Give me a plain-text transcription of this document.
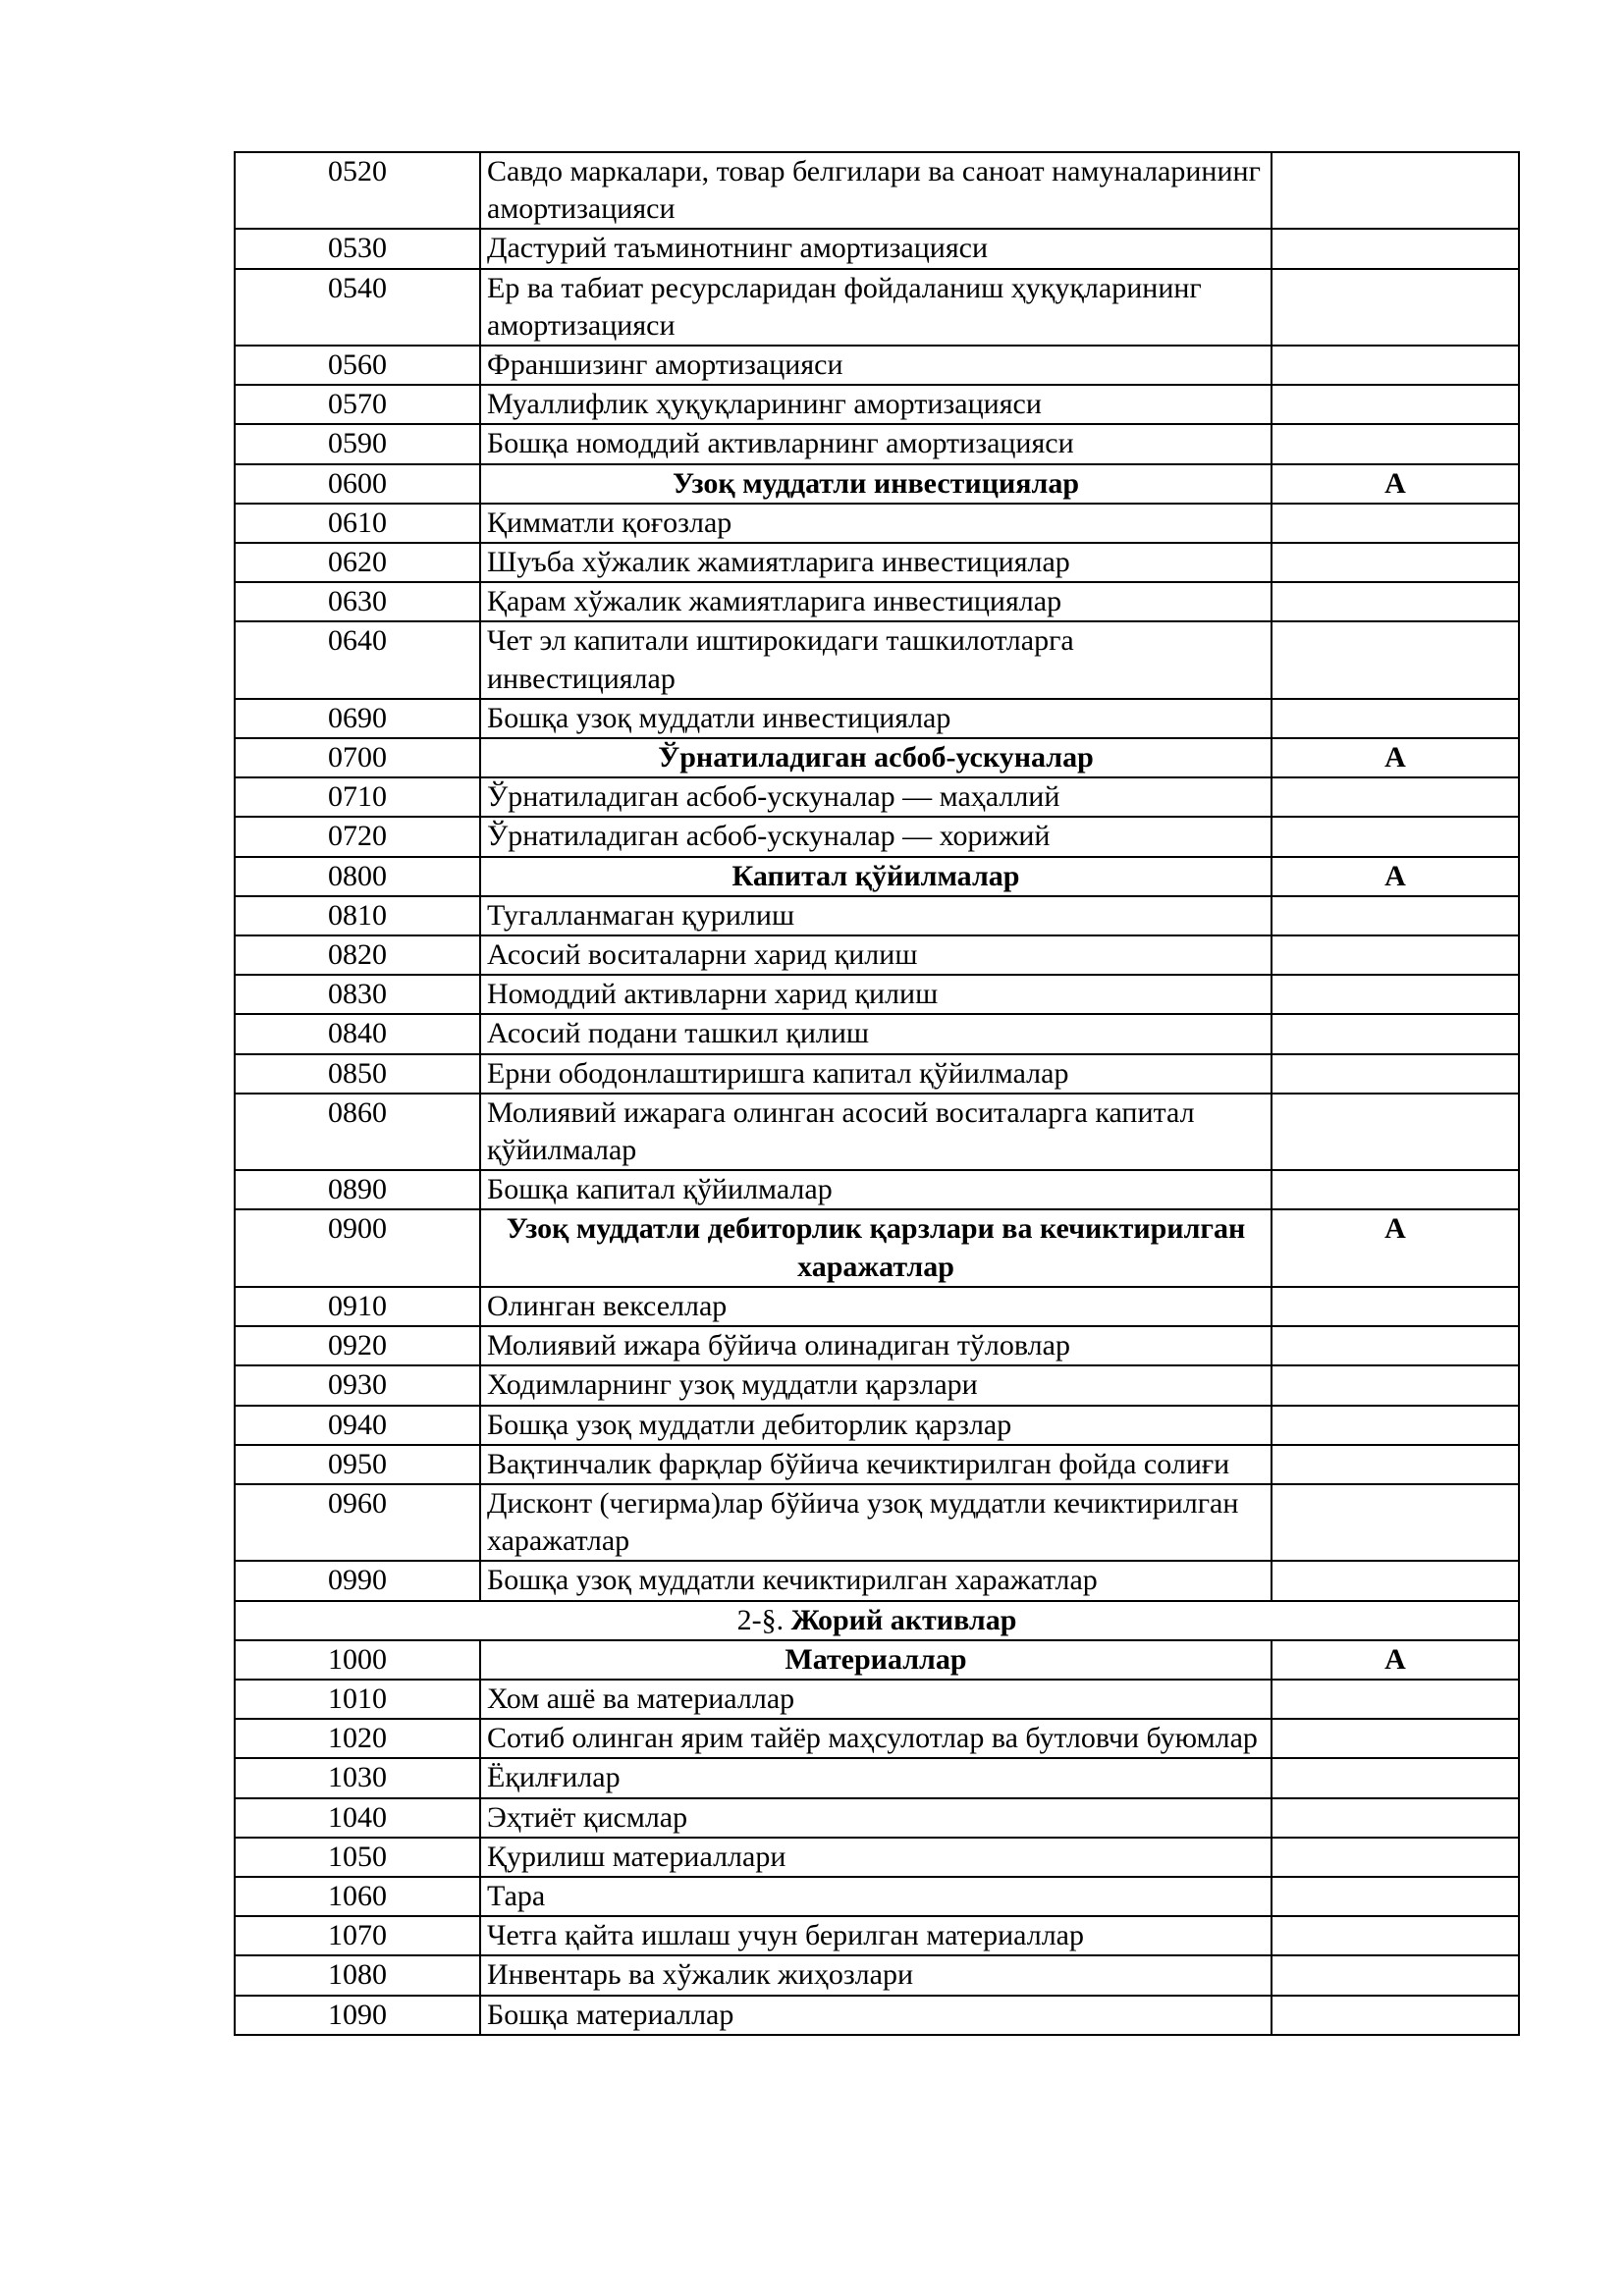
0520	Савдо маркалари, товар белгилари ва саноат намуналарининг амортизацияси	
0530	Дастурий таъминотнинг амортизацияси	
0540	Ер ва табиат ресурсларидан фойдаланиш ҳуқуқларининг амортизацияси	
0560	Франшизинг амортизацияси	
0570	Муаллифлик ҳуқуқларининг амортизацияси	
0590	Бошқа номоддий активларнинг амортизацияси	
0600	Узоқ муддатли инвестициялар	А
0610	Қимматли қоғозлар	
0620	Шуъба хўжалик жамиятларига инвестициялар	
0630	Қарам хўжалик жамиятларига инвестициялар	
0640	Чет эл капитали иштирокидаги ташкилотларга инвестициялар	
0690	Бошқа узоқ муддатли инвестициялар	
0700	Ўрнатиладиган асбоб-ускуналар	А
0710	Ўрнатиладиган асбоб-ускуналар — маҳаллий	
0720	Ўрнатиладиган асбоб-ускуналар — хорижий	
0800	Капитал қўйилмалар	А
0810	Тугалланмаган қурилиш	
0820	Асосий воситаларни харид қилиш	
0830	Номоддий активларни харид қилиш	
0840	Асосий подани ташкил қилиш	
0850	Ерни ободонлаштиришга капитал қўйилмалар	
0860	Молиявий ижарага олинган асосий воситаларга капитал қўйилмалар	
0890	Бошқа капитал қўйилмалар	
0900	Узоқ муддатли дебиторлик қарзлари ва кечиктирилган харажатлар	А
0910	Олинган векселлар	
0920	Молиявий ижара бўйича олинадиган тўловлар	
0930	Ходимларнинг узоқ муддатли қарзлари	
0940	Бошқа узоқ муддатли дебиторлик қарзлар	
0950	Вақтинчалик фарқлар бўйича кечиктирилган фойда солиғи	
0960	Дисконт (чегирма)лар бўйича узоқ муддатли кечиктирилган харажатлар	
0990	Бошқа узоқ муддатли кечиктирилган харажатлар	
2-§. Жорий активлар		
1000	Материаллар	А
1010	Хом ашё ва материаллар	
1020	Сотиб олинган ярим тайёр маҳсулотлар ва бутловчи буюмлар	
1030	Ёқилғилар	
1040	Эҳтиёт қисмлар	
1050	Қурилиш материаллари	
1060	Тара	
1070	Четга қайта ишлаш учун берилган материаллар	
1080	Инвентарь ва хўжалик жиҳозлари	
1090	Бошқа материаллар	
